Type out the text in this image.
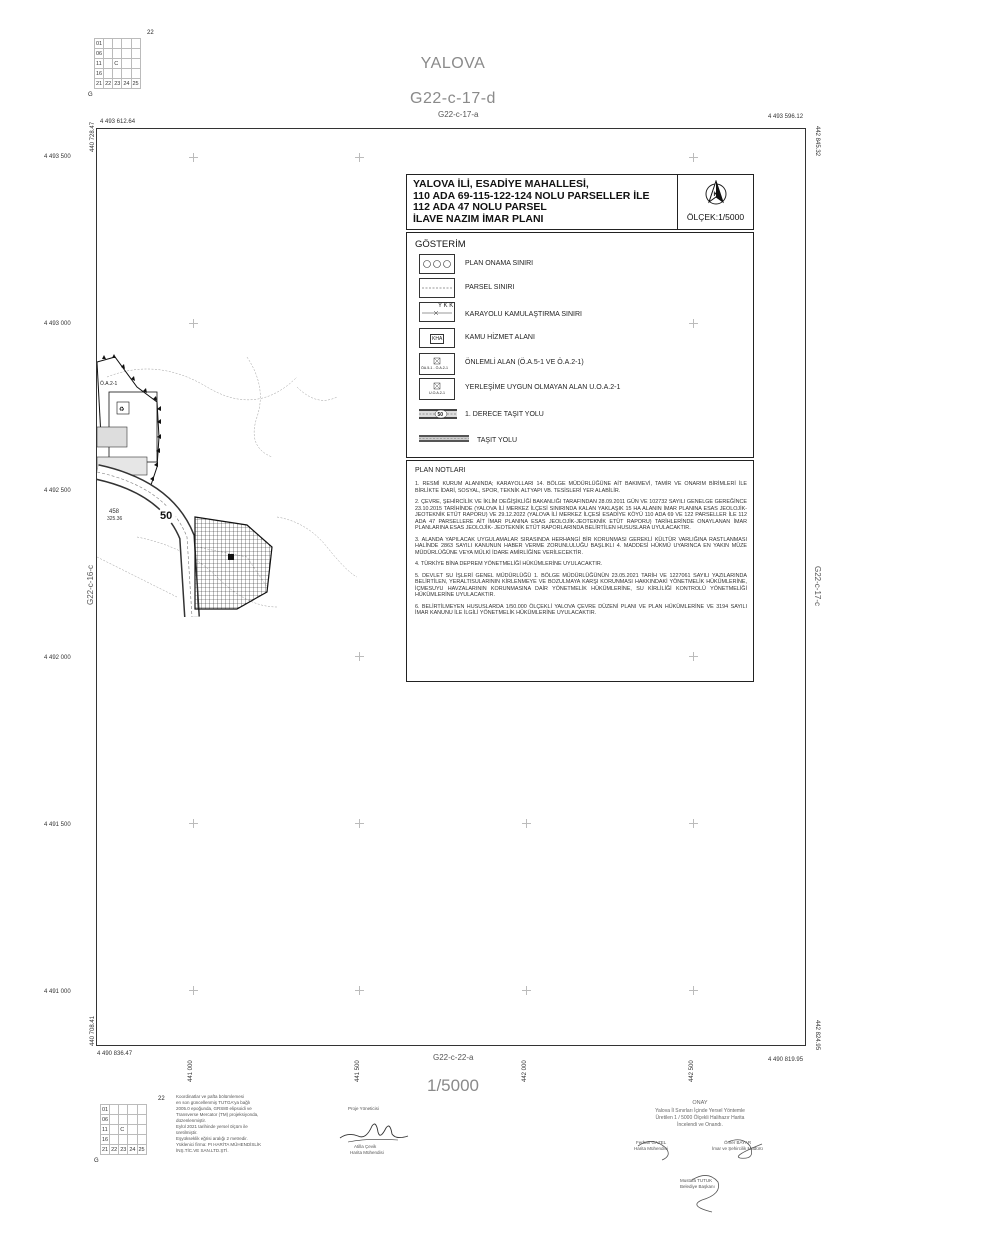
22
01				
06				
11		C		
16				
21	22	23	24	25
G
YALOVA
G22-c-17-d
G22-c-17-a
4 493 612.64
4 493 596.12
440 728.47	442 845.32
♻
Ö.A.2-1
50
458
325.36
4 493 500
4 493 000
4 492 500
4 492 000
4 491 500
4 491 000
G22-c-16-c	G22-c-17-c
YALOVA İLİ, ESADİYE MAHALLESİ,
110 ADA 69-115-122-124 NOLU PARSELLER İLE
112 ADA 47 NOLU PARSEL
İLAVE NAZIM İMAR PLANI
K
ÖLÇEK:1/5000
GÖSTERİM
PLAN ONAMA SINIRI
PARSEL SINIRI
Y K K
KARAYOLU KAMULAŞTIRMA SINIRI
KHA	KAMU HİZMET ALANI
ÖA.5-1 - Ö.A.2-1
ÖNLEMLİ ALAN (Ö.A.5-1 VE Ö.A.2-1)
U.O.A.2-1
YERLEŞİME UYGUN OLMAYAN ALAN U.O.A.2-1
50	1. DERECE TAŞIT YOLU
TAŞIT YOLU
PLAN NOTLARI
1. RESMİ KURUM ALANINDA; KARAYOLLARI 14. BÖLGE MÜDÜRLÜĞÜNE AİT BAKIMEVİ, TAMİR VE ONARIM BİRİMLERİ İLE BİRLİKTE İDARİ, SOSYAL, SPOR, TEKNİK ALTYAPI VB. TESİSLERİ YER ALABİLİR.
2. ÇEVRE, ŞEHİRCİLİK VE İKLİM DEĞİŞİKLİĞİ BAKANLIĞI TARAFINDAN 28.09.2011 GÜN VE 102732 SAYILI GENELGE GEREĞİNCE 23.10.2015 TARİHİNDE (YALOVA İLİ MERKEZ İLÇESİ SINIRINDA KALAN YAKLAŞIK 15 HA ALANIN İMAR PLANINA ESAS JEOLOJİK-JEOTEKNİK ETÜT RAPORU) VE 29.12.2022 (YALOVA İLİ MERKEZ İLÇESİ ESADİYE KÖYÜ 110 ADA 69 VE 122 PARSELLER İLE 112 ADA 47 PARSELLERE AİT İMAR PLANINA ESAS JEOLOJİK-JEOTEKNİK ETÜT RAPORU) TARİHLERİNDE ONAYLANAN İMAR PLANLARINA ESAS JEOLOJİK- JEOTEKNİK ETÜT RAPORLARINDA BELİRTİLEN HUSUSLARA UYULACAKTIR.
3. ALANDA YAPILACAK UYGULAMALAR SIRASINDA HERHANGİ BİR KORUNMASI GEREKLİ KÜLTÜR VARLIĞINA RASTLANMASI HALİNDE 2863 SAYILI KANUNUN HABER VERME ZORUNLULUĞU BAŞLIKLI 4. MADDESİ HÜKMÜ UYARINCA EN YAKIN MÜZE MÜDÜRLÜĞÜNE VEYA MÜLKİ İDARE AMİRLİĞİNE VERİLECEKTİR.
4. TÜRKİYE BİNA DEPREM YÖNETMELİĞİ HÜKÜMLERİNE UYULACAKTIR.
5. DEVLET SU İŞLERİ GENEL MÜDÜRLÜĞÜ 1. BÖLGE MÜDÜRLÜĞÜNÜN 23.05.2021 TARİH VE 1227061 SAYILI YAZILARINDA BELİRTİLEN, YERALTISULARININ KİRLENMEYE VE BOZULMAYA KARŞI KORUNMASI HAKKINDAKİ YÖNETMELİK HÜKÜMLERİNE, İÇMESUYU HAVZALARININ KORUNMASINA DAİR YÖNETMELİK HÜKÜMLERİNE, SU KİRLİLİĞİ KONTROLÜ YÖNETMELİĞİ HÜKÜMLERİNE UYULACAKTIR.
6. BELİRTİLMEYEN HUSUSLARDA 1/50.000 ÖLÇEKLİ YALOVA ÇEVRE DÜZENİ PLANI VE PLAN HÜKÜMLERİNE VE 3194 SAYILI İMAR KANUNU İLE İLGİLİ YÖNETMELİK HÜKÜMLERİNE UYULACAKTIR.
440 708.41	442 824.95
4 490 836.47
4 490 819.95
G22-c-22-a
441 000	441 500	442 000	442 500
1/5000
22
01				
06				
11		C		
16				
21	22	23	24	25
G
Koordinatlar ve pafta bölümlemesi
en son güncellenmiş TUTGA'ya bağlı
2005.0 epoğunda, GRS80 elipsoidi ve
Transverse Mercator (TM) projeksiyonda,
düzenlenmiştir.
Eylül 2021 tarihinde yersel ölçüm ile
üretilmiştir.
Eşyükseklik eğrisi aralığı 2 metredir.
Yüklenici firma: PI HARİTA MÜHENDİSLİK
İNŞ.TİC.VE SAN.LTD.ŞTİ.
Proje Yöneticisi
Atilla Çevik
Harita Mühendisi
ONAY
Yalova İl Sınırları İçinde Yersel Yöntemle
Üretilen 1 / 5000 Ölçekli Halihazır Harita
İncelendi ve Onandı.
Ferhan GAZEL
Harita Mühendisi
Ömer BAYAR
İmar ve Şehircilik Müdürü
Mustafa TUTUK
Belediye Başkanı
